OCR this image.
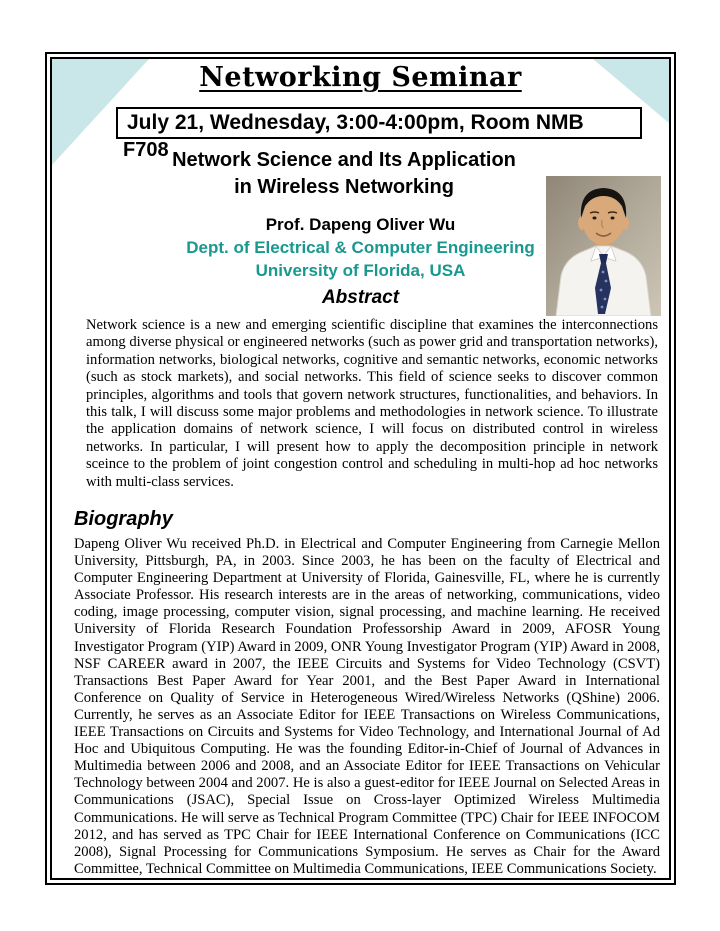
Networking Seminar
July 21, Wednesday, 3:00-4:00pm, Room NMB
F708 Network Science and Its Application
in Wireless Networking
Prof. Dapeng Oliver Wu
Dept. of Electrical & Computer Engineering
University of Florida, USA
Abstract
Network science is a new and emerging scientific discipline that examines the interconnections among diverse physical or engineered networks (such as power grid and transportation networks), information networks, biological networks, cognitive and semantic networks, economic networks (such as stock markets), and social networks. This field of science seeks to discover common principles, algorithms and tools that govern network structures, functionalities, and behaviors. In this talk, I will discuss some major problems and methodologies in network science. To illustrate the application domains of network science, I will focus on distributed control in wireless networks. In particular, I will present how to apply the decomposition principle in network sceince to the problem of joint congestion control and scheduling in multi-hop ad hoc networks with multi-class services.
Biography
Dapeng Oliver Wu received Ph.D. in Electrical and Computer Engineering from Carnegie Mellon University, Pittsburgh, PA, in 2003. Since 2003, he has been on the faculty of Electrical and Computer Engineering Department at University of Florida, Gainesville, FL, where he is currently Associate Professor. His research interests are in the areas of networking, communications, video coding, image processing, computer vision, signal processing, and machine learning. He received University of Florida Research Foundation Professorship Award in 2009, AFOSR Young Investigator Program (YIP) Award in 2009, ONR Young Investigator Program (YIP) Award in 2008, NSF CAREER award in 2007, the IEEE Circuits and Systems for Video Technology (CSVT) Transactions Best Paper Award for Year 2001, and the Best Paper Award in International Conference on Quality of Service in Heterogeneous Wired/Wireless Networks (QShine) 2006. Currently, he serves as an Associate Editor for IEEE Transactions on Wireless Communications, IEEE Transactions on Circuits and Systems for Video Technology, and International Journal of Ad Hoc and Ubiquitous Computing. He was the founding Editor-in-Chief of Journal of Advances in Multimedia between 2006 and 2008, and an Associate Editor for IEEE Transactions on Vehicular Technology between 2004 and 2007. He is also a guest-editor for IEEE Journal on Selected Areas in Communications (JSAC), Special Issue on Cross-layer Optimized Wireless Multimedia Communications. He will serve as Technical Program Committee (TPC) Chair for IEEE INFOCOM 2012, and has served as TPC Chair for IEEE International Conference on Communications (ICC 2008), Signal Processing for Communications Symposium. He serves as Chair for the Award Committee, Technical Committee on Multimedia Communications, IEEE Communications Society.
